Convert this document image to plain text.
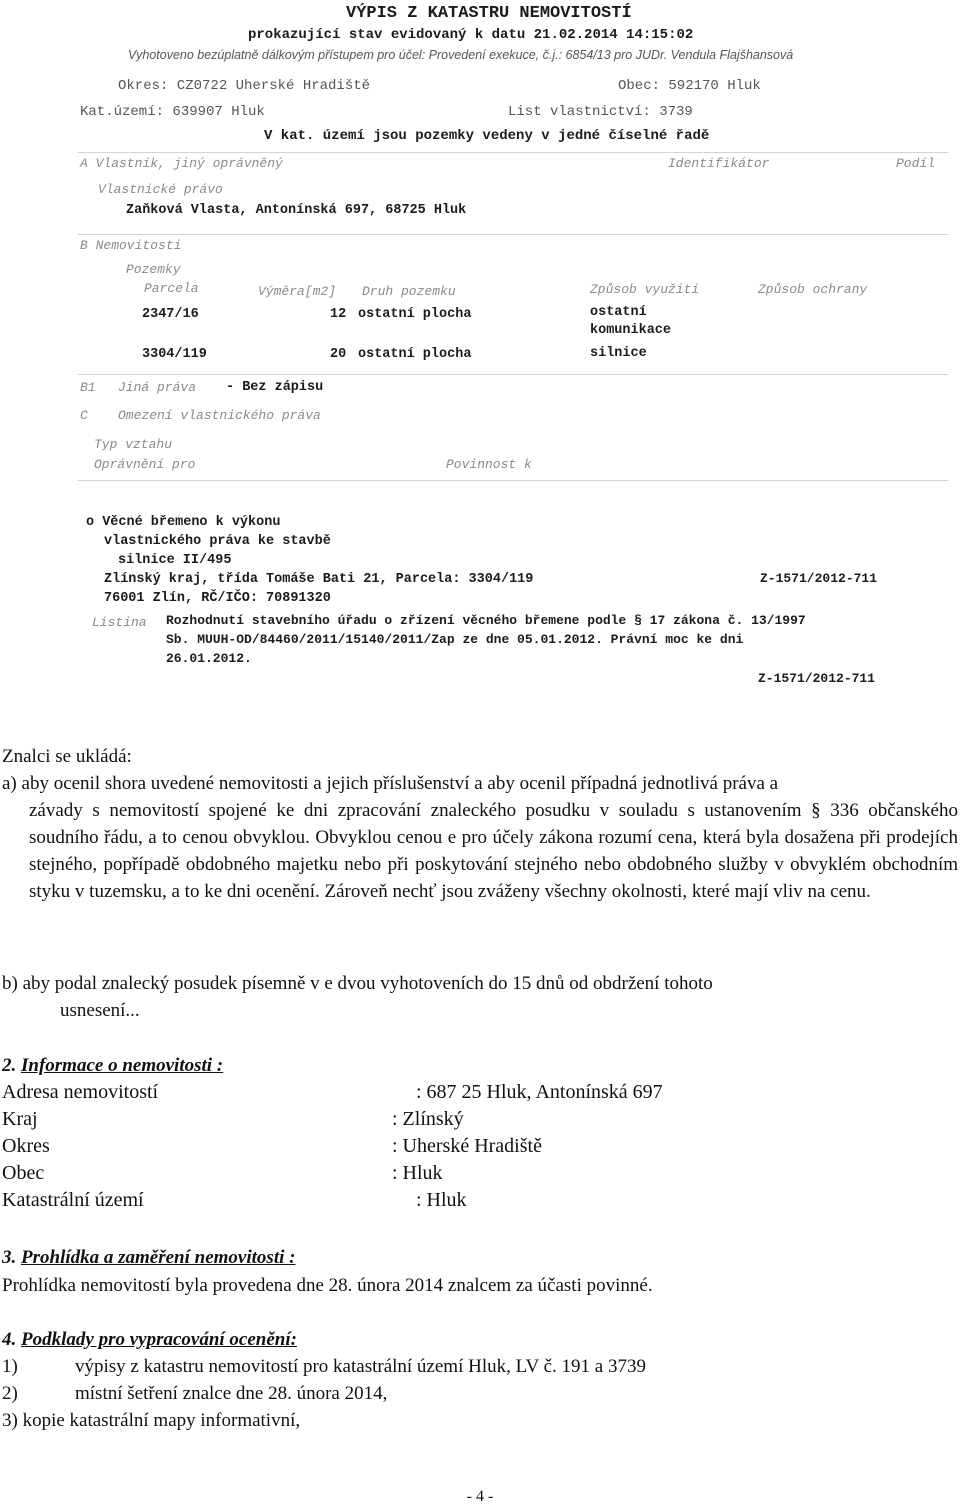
VÝPIS Z KATASTRU NEMOVITOSTÍ
prokazující stav evidovaný k datu 21.02.2014 14:15:02
Vyhotoveno bezúplatně dálkovým přístupem pro účel: Provedení exekuce, č.j.: 6854/13 pro JUDr. Vendula Flajšhansová
Okres: CZ0722 Uherské Hradiště	Obec: 592170 Hluk
Kat.území: 639907 Hluk	List vlastnictví: 3739
V kat. území jsou pozemky vedeny v jedné číselné řadě
A Vlastník, jiný oprávněný	Identifikátor	Podíl
Vlastnické právo
Zaňková Vlasta, Antonínská 697, 68725 Hluk
B Nemovitosti
Pozemky
Parcela	Výměra[m2] Druh pozemku	Způsob využití	Způsob ochrany
2347/16	12 ostatní plocha	ostatní
komunikace
3304/119	20 ostatní plocha	silnice
B1 Jiná práva - Bez zápisu
C Omezení vlastnického práva
Typ vztahu
Oprávnění pro	Povinnost k
o Věcné břemeno k výkonu
vlastnického práva ke stavbě
silnice II/495
Zlínský kraj, třída Tomáše Bati 21, Parcela: 3304/119
76001 Zlín, RČ/IČO: 70891320
Z-1571/2012-711
Listina Rozhodnutí stavebního úřadu o zřízení věcného břemene podle § 17 zákona č. 13/1997
Sb. MUUH-OD/84460/2011/15140/2011/Zap ze dne 05.01.2012. Právní moc ke dni
26.01.2012.
Z-1571/2012-711
Znalci se ukládá:
a) aby ocenil shora uvedené nemovitosti a jejich příslušenství a aby ocenil případná jednotlivá práva a
závady s nemovitostí spojené ke dni zpracování znaleckého posudku v souladu s ustanovením § 336 občanského soudního řádu, a to cenou obvyklou. Obvyklou cenou e pro účely zákona rozumí cena, která byla dosažena při prodejích stejného, popřípadě obdobného majetku nebo při poskytování stejného nebo obdobného služby v obvyklém obchodním styku v tuzemsku, a to ke dni ocenění. Zároveň nechť jsou zváženy všechny okolnosti, které mají vliv na cenu.
b) aby podal znalecký posudek písemně v e dvou vyhotoveních do 15 dnů od obdržení tohoto
usnesení...
2. Informace o nemovitosti :
Adresa nemovitostí	: 687 25 Hluk, Antonínská 697
Kraj	: Zlínský
Okres	: Uherské Hradiště
Obec	: Hluk
Katastrální území	: Hluk
3. Prohlídka a zaměření nemovitosti :
Prohlídka nemovitostí byla provedena dne 28. února 2014 znalcem za účasti povinné.
4. Podklady pro vypracování ocenění:
1)	výpisy z katastru nemovitostí pro katastrální území Hluk, LV č. 191 a 3739
2)	místní šetření znalce dne 28. února 2014,
3) kopie katastrální mapy informativní,
- 4 -
